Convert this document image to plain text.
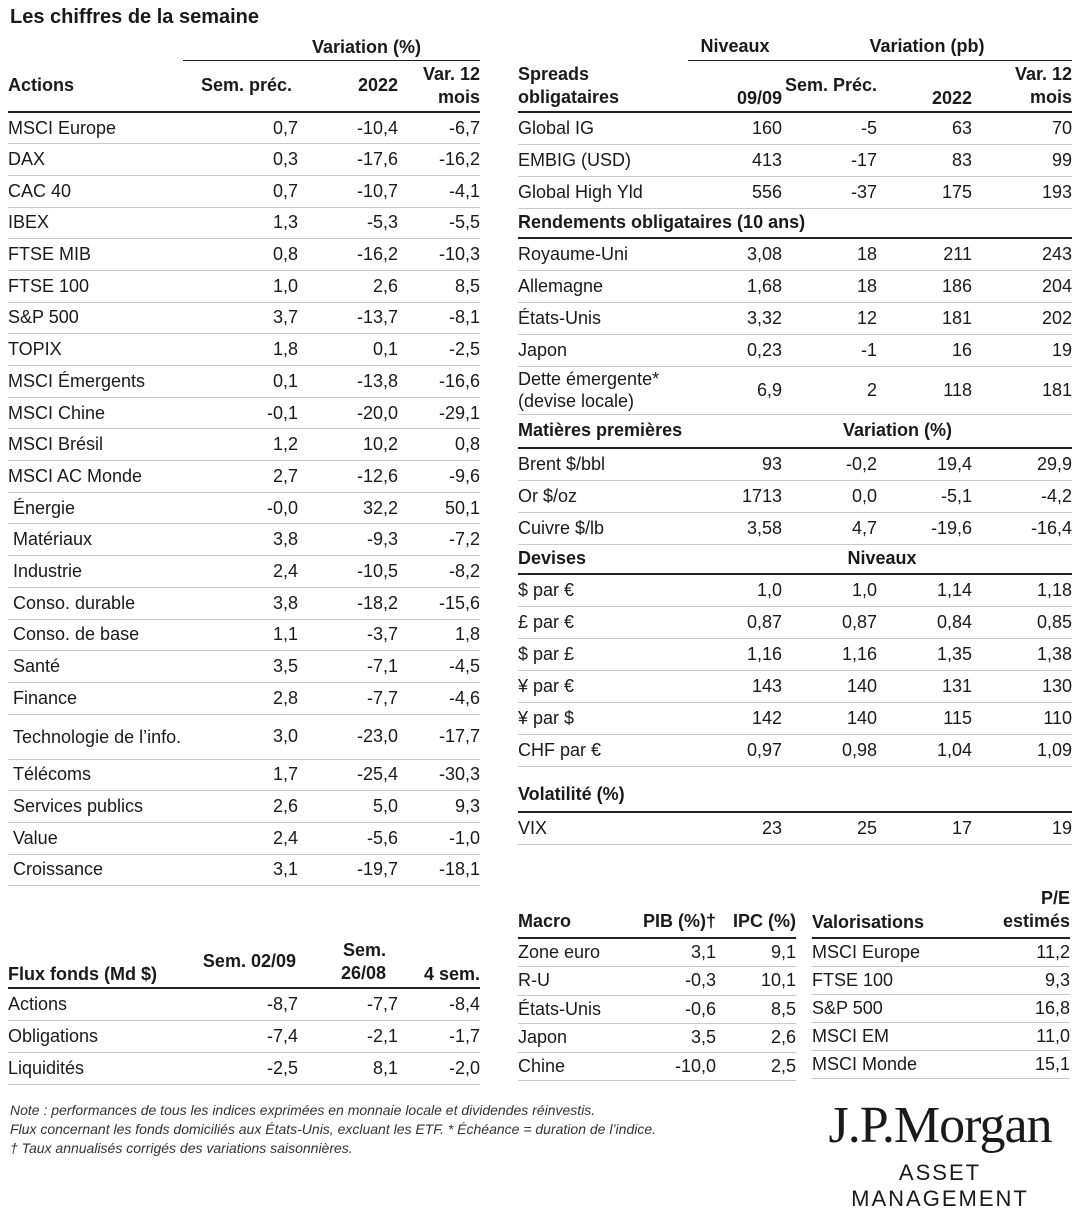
Les chiffres de la semaine
	Variation (%)		
Actions	Sem. préc.	2022	Var. 12 mois
MSCI Europe	0,7	-10,4	-6,7
DAX	0,3	-17,6	-16,2
CAC 40	0,7	-10,7	-4,1
IBEX	1,3	-5,3	-5,5
FTSE MIB	0,8	-16,2	-10,3
FTSE 100	1,0	2,6	8,5
S&P 500	3,7	-13,7	-8,1
TOPIX	1,8	0,1	-2,5
MSCI Émergents	0,1	-13,8	-16,6
MSCI Chine	-0,1	-20,0	-29,1
MSCI Brésil	1,2	10,2	0,8
MSCI AC Monde	2,7	-12,6	-9,6
Énergie	-0,0	32,2	50,1
Matériaux	3,8	-9,3	-7,2
Industrie	2,4	-10,5	-8,2
Conso. durable	3,8	-18,2	-15,6
Conso. de base	1,1	-3,7	1,8
Santé	3,5	-7,1	-4,5
Finance	2,8	-7,7	-4,6
Technologie de l’info.	3,0	-23,0	-17,7
Télécoms	1,7	-25,4	-30,3
Services publics	2,6	5,0	9,3
Value	2,4	-5,6	-1,0
Croissance	3,1	-19,7	-18,1
	Niveaux	Variation (pb)		
Spreads obligataires	09/09	Sem. Préc.	2022	Var. 12 mois
Global IG	160	-5	63	70
EMBIG (USD)	413	-17	83	99
Global High Yld	556	-37	175	193
Rendements obligataires (10 ans)				
Royaume-Uni	3,08	18	211	243
Allemagne	1,68	18	186	204
États-Unis	3,32	12	181	202
Japon	0,23	-1	16	19
Dette émergente* (devise locale)	6,9	2	118	181
Matières premières		Variation (%)		
Brent $/bbl	93	-0,2	19,4	29,9
Or $/oz	1713	0,0	-5,1	-4,2
Cuivre $/lb	3,58	4,7	-19,6	-16,4
Devises		Niveaux		
$ par €	1,0	1,0	1,14	1,18
£ par €	0,87	0,87	0,84	0,85
$ par £	1,16	1,16	1,35	1,38
¥ par €	143	140	131	130
¥ par $	142	140	115	110
CHF par €	0,97	0,98	1,04	1,09

Volatilité (%)				
VIX	23	25	17	19
Flux fonds (Md $)	Sem. 02/09	Sem. 26/08	4 sem.
Actions	-8,7	-7,7	-8,4
Obligations	-7,4	-2,1	-1,7
Liquidités	-2,5	8,1	-2,0
Macro	PIB (%)†	IPC (%)
Zone euro	3,1	9,1
R-U	-0,3	10,1
États-Unis	-0,6	8,5
Japon	3,5	2,6
Chine	-10,0	2,5
Valorisations	P/E estimés
MSCI Europe	11,2
FTSE 100	9,3
S&P 500	16,8
MSCI EM	11,0
MSCI Monde	15,1
Note : performances de tous les indices exprimées en monnaie locale et dividendes réinvestis.
Flux concernant les fonds domiciliés aux États-Unis, excluant les ETF. * Échéance = duration de l’indice.
† Taux annualisés corrigés des variations saisonnières.	J.P.Morgan
ASSET MANAGEMENT
